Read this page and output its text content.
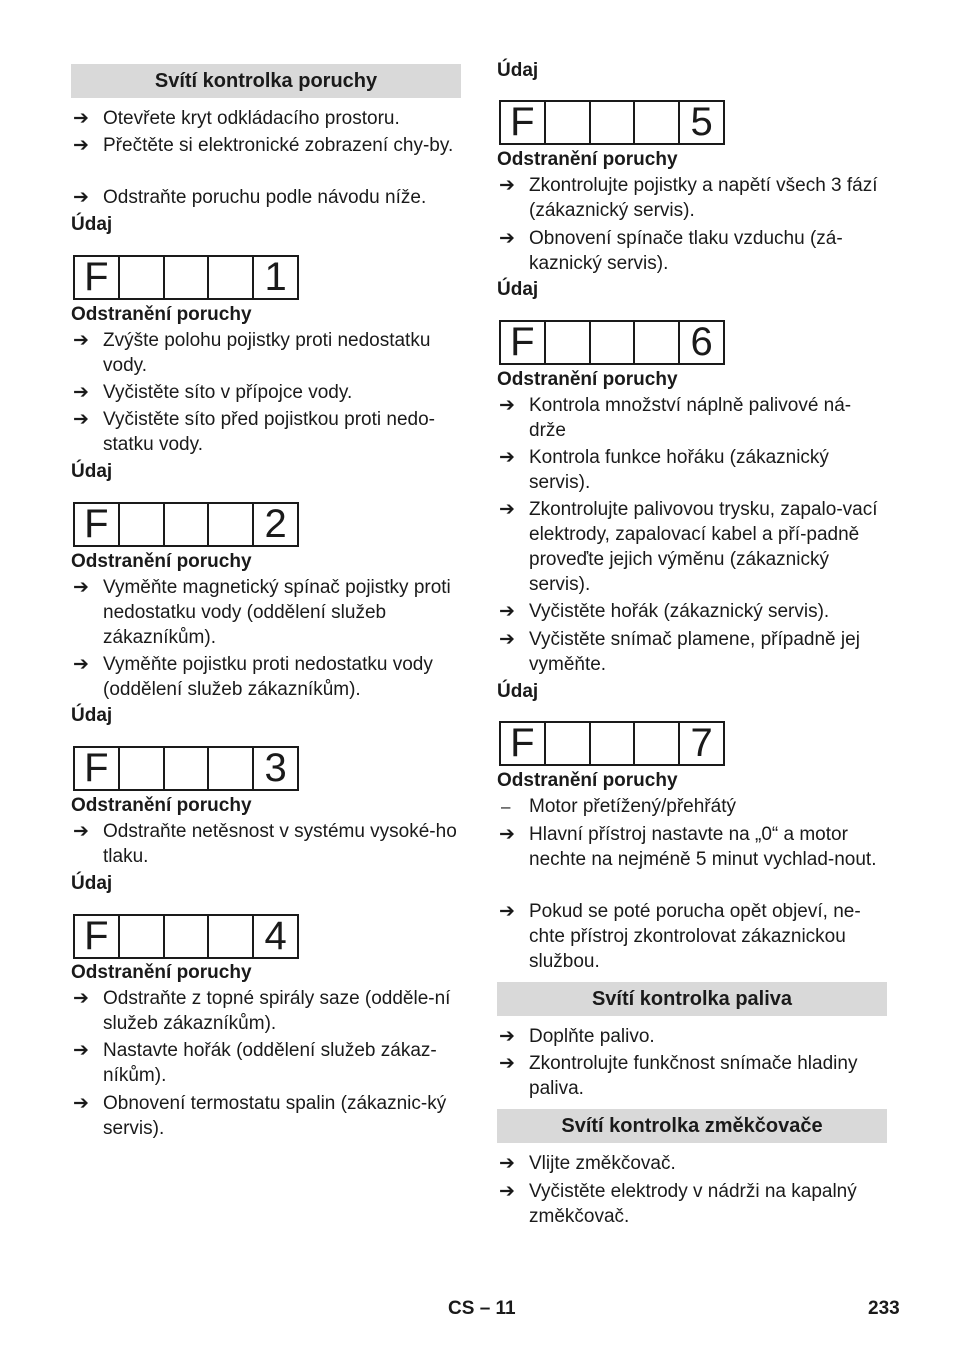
Svítí kontrolka poruchy
➔ Otevřete kryt odkládacího prostoru.
➔ Přečtěte si elektronické zobrazení chy-by.
➔ Odstraňte poruchu podle návodu níže.
Údaj
F	1
Odstranění poruchy
➔ Zvýšte polohu pojistky proti nedostatku vody.
➔ Vyčistěte síto v přípojce vody.
➔ Vyčistěte síto před pojistkou proti nedo-statku vody.
Údaj
F	2
Odstranění poruchy
➔ Vyměňte magnetický spínač pojistky proti nedostatku vody (oddělení služeb zákazníkům).
➔ Vyměňte pojistku proti nedostatku vody (oddělení služeb zákazníkům).
Údaj
F	3
Odstranění poruchy
➔ Odstraňte netěsnost v systému vysoké-ho tlaku.
Údaj
F	4
Odstranění poruchy
➔ Odstraňte z topné spirály saze (odděle-ní služeb zákazníkům).
➔ Nastavte hořák (oddělení služeb zákaz-níkům).
➔ Obnovení termostatu spalin (zákaznic-ký servis).
Údaj
F	5
Odstranění poruchy
➔ Zkontrolujte pojistky a napětí všech 3 fází (zákaznický servis).
➔ Obnovení spínače tlaku vzduchu (zá-kaznický servis).
Údaj
F	6
Odstranění poruchy
➔ Kontrola množství náplně palivové ná-drže
➔ Kontrola funkce hořáku (zákaznický servis).
➔ Zkontrolujte palivovou trysku, zapalo-vací elektrody, zapalovací kabel a pří-padně proveďte jejich výměnu (zákaznický servis).
➔ Vyčistěte hořák (zákaznický servis).
➔ Vyčistěte snímač plamene, případně jej vyměňte.
Údaj
F	7
Odstranění poruchy
– Motor přetížený/přehřátý
➔ Hlavní přístroj nastavte na „0“ a motor nechte na nejméně 5 minut vychlad-nout.
➔ Pokud se poté porucha opět objeví, ne-chte přístroj zkontrolovat zákaznickou službou.
Svítí kontrolka paliva
➔ Doplňte palivo.
➔ Zkontrolujte funkčnost snímače hladiny paliva.
Svítí kontrolka změkčovače
➔ Vlijte změkčovač.
➔ Vyčistěte elektrody v nádrži na kapalný změkčovač.
CS – 11	233
